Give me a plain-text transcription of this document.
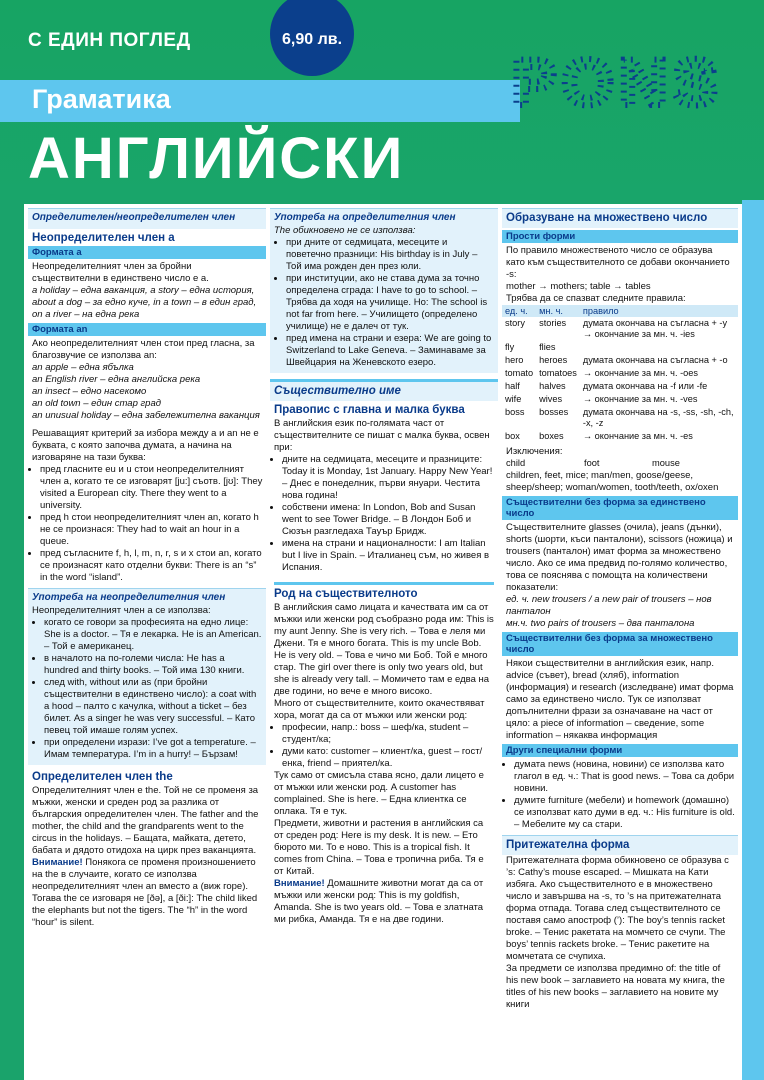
С ЕДИН ПОГЛЕД	6,90 лв.
Граматика
АНГЛИЙСКИ
PONS
Определителен/неопределителен член
Неопределителен член a
Формата a
Неопределителният член за бройни съществителни в единствено число е a.
a holiday – една ваканция, a story – една история,
about a dog – за едно куче, in a town – в един град, on a river – на една река
Формата an
Ако неопределителният член стои пред гласна, за благозвучие се използва an:
an apple – една ябълка
an English river – една английска река
an insect – едно насекомо
an old town – един стар град
an unusual holiday – една забележителна ваканция
Решаващият критерий за избора между a и an не е буквата, с която започва думата, а начина на изговаряне на тази буква:
• пред гласните eu и u стои неопределителният член a, когато те се изговарят [ju:] съотв. [jʊ]: They visited a European city. There they went to a university.
• пред h стои неопределителният член an, когато h не се произнася: They had to wait an hour in a queue.
• пред съгласните f, h, l, m, n, r, s и x стои an, когато се произнасят като отделни букви: There is an “s” in the word “island”.
Употреба на неопределителния член
Неопределителният член a се използва:
• когато се говори за професията на едно лице: She is a doctor. – Тя е лекарка. He is an American. – Той е американец.
• в началото на по-големи числа: He has a hundred and thirty books. – Той има 130 книги.
• след with, without или as (при бройни съществителни в единствено число): a coat with a hood – палто с качулка, without a ticket – без билет. As a singer he was very successful. – Като певец той имаше голям успех.
• при определени изрази: I’ve got a temperature. – Имам температура. I’m in a hurry! – Бързам!
Определителен член the
Определителният член е the. Той не се променя за мъжки, женски и среден род за разлика от българския определителен член. The father and the mother, the child and the grandparents went to the circus in the holidays. – Бащата, майката, детето, бабата и дядото отидоха на цирк през ваканцията.
Внимание! Понякога се променя произношението на the в случаите, когато се използва неопределителният член an вместо a (виж горе). Тогава the се изговаря не [ðə], а [ði:]: The child liked the elephants but not the tigers. The “h” in the word “hour” is silent.
Употреба на определителния член
The обикновено не се използва:
• при дните от седмицата, месеците и поветечно празници: His birthday is in July – Той има рожден ден през юли.
• при институции, ако не става дума за точно определена сграда: I have to go to school. – Трябва да ходя на училище. Но: The school is not far from here. – Училището (определено училище) не е далеч от тук.
• пред имена на страни и езера: We are going to Switzerland to Lake Geneva. – Заминаваме за Швейцария на Женевското езеро.
Съществително име
Правопис с главна и малка буква
В английския език по-голямата част от съществителните се пишат с малка буква, освен при:
• дните на седмицата, месеците и празниците: Today it is Monday, 1st January. Happy New Year! – Днес е понеделник, първи януари. Честита нова година!
• собствени имена: In London, Bob and Susan went to see Tower Bridge. – В Лондон Боб и Сюзън разгледаха Тауър Бридж.
• имена на страни и националности: I am Italian but I live in Spain. – Италианец съм, но живея в Испания.
Род на съществителното
В английския само лицата и качествата им са от мъжки или женски род съобразно рода им: This is my aunt Jenny. She is very rich. – Това е леля ми Джени. Тя е много богата. This is my uncle Bob. He is very old. – Това е чичо ми Боб. Той е много стар. The girl over there is only two years old, but she is already very tall. – Момичето там е едва на две години, но вече е много високо.
Много от съществителните, които окачествяват хора, могат да са от мъжки или женски род:
• професии, напр.: boss – шеф/ка, student – студент/ка;
• думи като: customer – клиент/ка, guest – гост/енка, friend – приятел/ка.
Тук само от смисъла става ясно, дали лицето е от мъжки или женски род. A customer has complained. She is here. – Една клиентка се оплака. Тя е тук.
Предмети, животни и растения в английския са от среден род: Here is my desk. It is new. – Ето бюрото ми. То е ново. This is a tropical fish. It comes from China. – Това е тропична риба. Тя е от Китай.
Внимание! Домашните животни могат да са от мъжки или женски род: This is my goldfish, Amanda. She is two years old. – Това е златната ми рибка, Аманда. Тя е на две години.
Образуване на множествено число
Прости форми
По правило множественото число се образува като към съществителното се добави окончанието -s:
mother → mothers; table → tables
Трябва да се спазват следните правила:
ед. ч.	мн. ч.	правило
story	stories	думата окончава на съгласна + -y → окончание за мн. ч. -ies
fly	flies	
hero	heroes	думата окончава на съгласна + -o
tomato	tomatoes	→ окончание за мн. ч. -oes
half	halves	думата окончава на -f или -fe
wife	wives	→ окончание за мн. ч. -ves
boss	bosses	думата окончава на -s, -ss, -sh, -ch, -x, -z
box	boxes	→ окончание за мн. ч. -es
Изключения:
child	foot	mouse
children, feet, mice; man/men, goose/geese, sheep/sheep; woman/women, tooth/teeth, ox/oxen
Съществителни без форма за единствено число
Съществителните glasses (очила), jeans (дънки), shorts (шорти, къси панталони), scissors (ножица) и trousers (панталон) имат форма за множествено число. Ако се има предвид по-голямо количество, това се пояснява с помощта на количествени показатели:
ед. ч. new trousers / a new pair of trousers – нов панталон
мн.ч. two pairs of trousers – два панталона
Съществителни без форма за множествено число
Някои съществителни в английския език, напр. advice (съвет), bread (хляб), information (информация) и research (изследване) имат форма само за единствено число. Тук се използват допълнителни фрази за означаване на част от цяло: a piece of information – сведение, some information – някаква информация
Други специални форми
• думата news (новина, новини) се използва като глагол в ед. ч.: That is good news. – Това са добри новини.
• думите furniture (мебели) и homework (домашно) се използват като думи в ед. ч.: His furniture is old. – Мебелите му са стари.
Притежателна форма
Притежателната форма обикновено се образува с ’s: Cathy’s mouse escaped. – Мишката на Кати избяга. Ако съществителното е в множествено число и завършва на -s, то ’s на притежателната форма отпада. Тогава след съществителното се поставя само апостроф (’): The boy’s tennis racket broke. – Тенис ракетата на момчето се счупи. The boys’ tennis rackets broke. – Тенис ракетите на момчетата се счупиха.
За предмети се използва предимно of: the title of his new book – заглавието на новата му книга, the titles of his new books – заглавието на новите му книги
